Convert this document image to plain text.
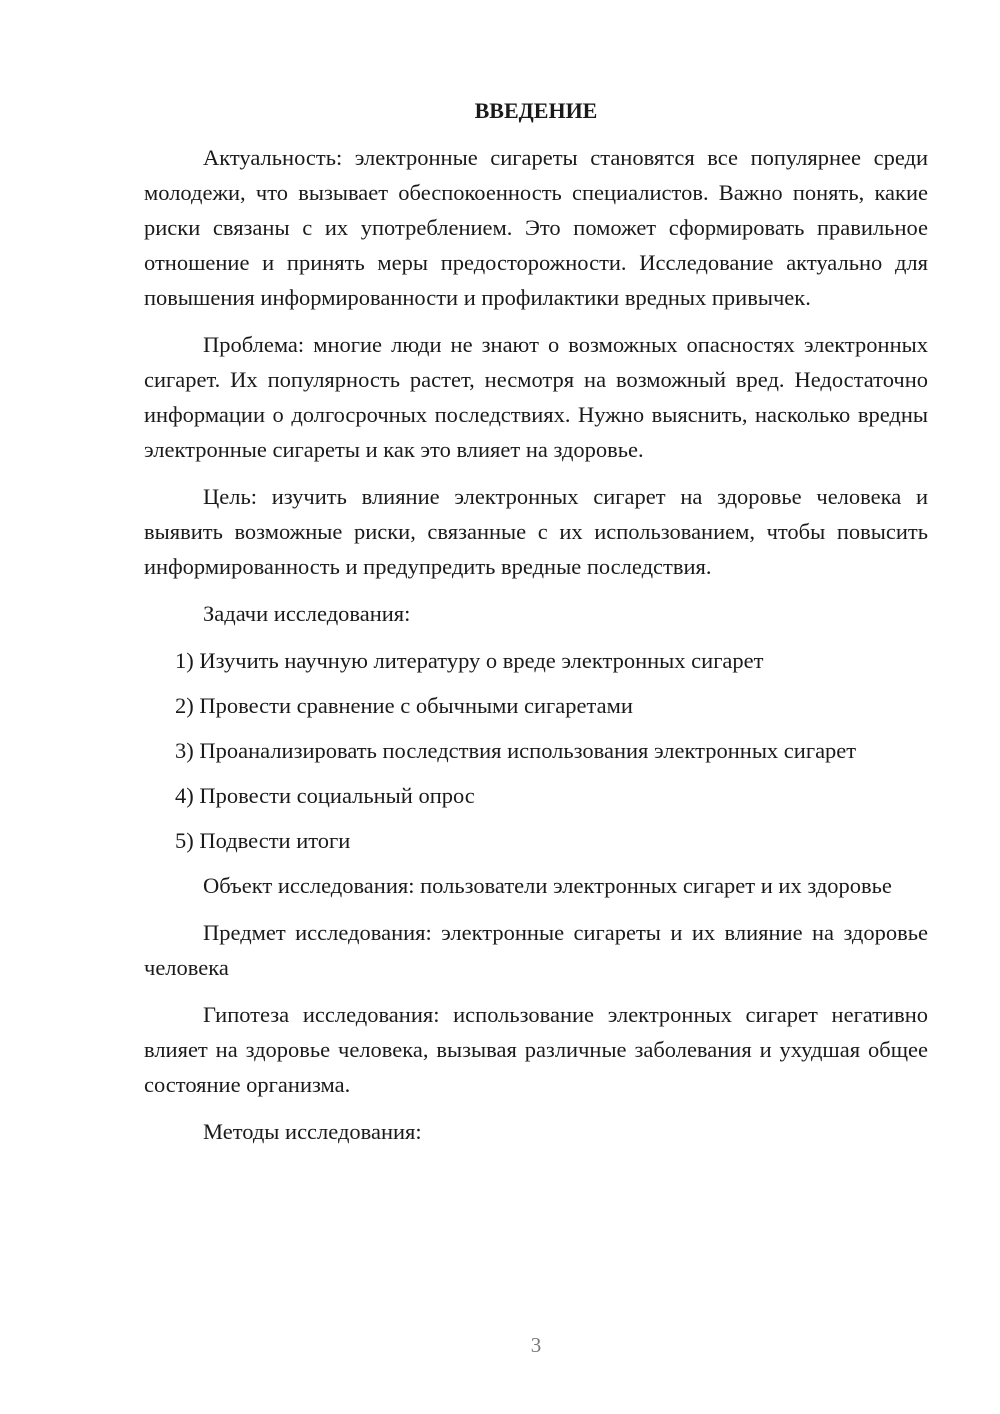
ВВЕДЕНИЕ

Актуальность: электронные сигареты становятся все популярнее среди молодежи, что вызывает обеспокоенность специалистов. Важно понять, какие риски связаны с их употреблением. Это поможет сформировать правильное отношение и принять меры предосторожности. Исследование актуально для повышения информированности и профилактики вредных привычек.

Проблема: многие люди не знают о возможных опасностях электронных сигарет. Их популярность растет, несмотря на возможный вред. Недостаточно информации о долгосрочных последствиях. Нужно выяснить, насколько вредны электронные сигареты и как это влияет на здоровье.

Цель: изучить влияние электронных сигарет на здоровье человека и выявить возможные риски, связанные с их использованием, чтобы повысить информированность и предупредить вредные последствия.

Задачи исследования:

1) Изучить научную литературу о вреде электронных сигарет

2) Провести сравнение с обычными сигаретами

3) Проанализировать последствия использования электронных сигарет

4) Провести социальный опрос

5) Подвести итоги

Объект исследования: пользователи электронных сигарет и их здоровье

Предмет исследования: электронные сигареты и их влияние на здоровье человека

Гипотеза исследования: использование электронных сигарет негативно влияет на здоровье человека, вызывая различные заболевания и ухудшая общее состояние организма.

Методы исследования:

3
